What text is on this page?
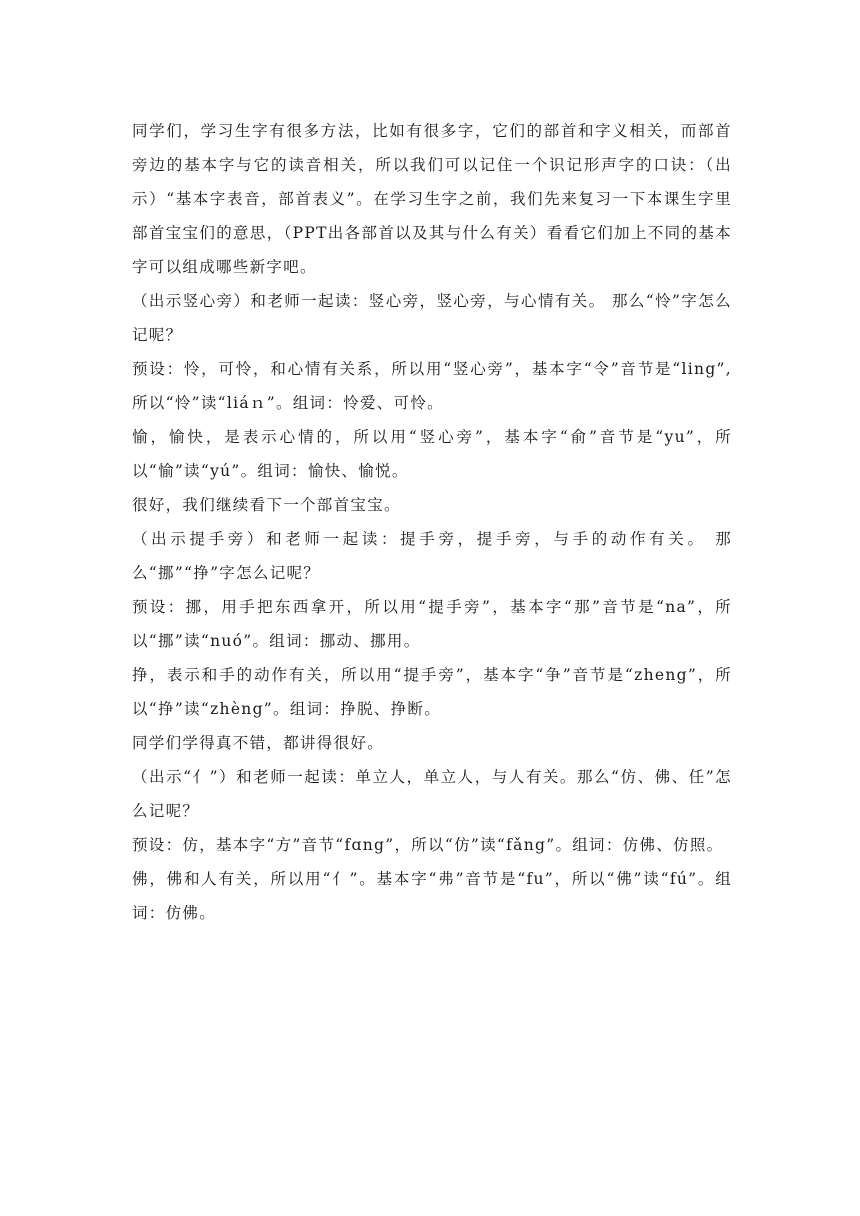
同学们，学习生字有很多方法，比如有很多字，它们的部首和字义相关，而部首旁边的基本字与它的读音相关，所以我们可以记住一个识记形声字的口诀：（出示）“基本字表音，部首表义”。在学习生字之前，我们先来复习一下本课生字里部首宝宝们的意思，（PPT出各部首以及其与什么有关）看看它们加上不同的基本字可以组成哪些新字吧。

（出示竖心旁）和老师一起读：竖心旁，竖心旁，与心情有关。 那么“怜”字怎么记呢？

预设：怜，可怜，和心情有关系，所以用“竖心旁”，基本字“令”音节是“ling”,所以“怜”读“liáｎ”。组词：怜爱、可怜。

愉，愉快，是表示心情的，所以用“竖心旁”，基本字“俞”音节是“yu”，所以“愉”读“yú”。组词：愉快、愉悦。

很好，我们继续看下一个部首宝宝。

（出示提手旁）和老师一起读：提手旁，提手旁，与手的动作有关。 那么“挪”“挣”字怎么记呢？

预设：挪，用手把东西拿开，所以用“提手旁”，基本字“那”音节是“na”，所以“挪”读“nuó”。组词：挪动、挪用。

挣，表示和手的动作有关，所以用“提手旁”，基本字“争”音节是“zheng”，所以“挣”读“zhèng”。组词：挣脱、挣断。

同学们学得真不错，都讲得很好。

（出示“亻”）和老师一起读：单立人，单立人，与人有关。那么“仿、佛、任”怎么记呢？

预设：仿，基本字“方”音节“fɑng”，所以“仿”读“fǎng”。组词：仿佛、仿照。

佛，佛和人有关，所以用“亻”。基本字“弗”音节是“fu”，所以“佛”读“fú”。组词：仿佛。
